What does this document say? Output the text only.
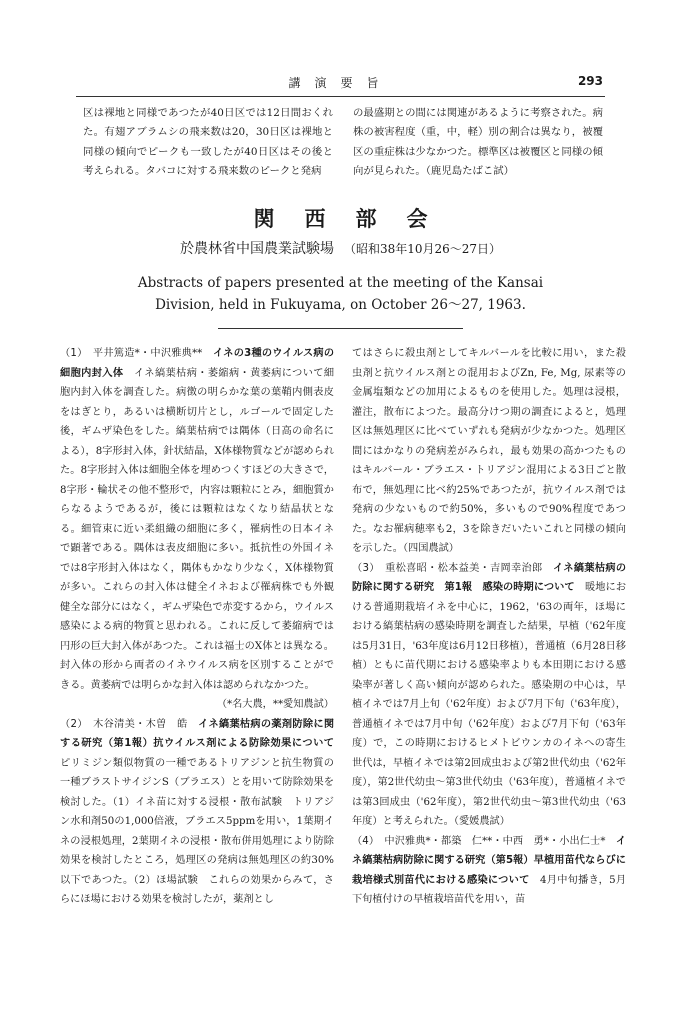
講演要旨	293

区は裸地と同様であつたが40日区では12日間おくれた。有翅アブラムシの飛来数は20，30日区は裸地と同様の傾向でピークも一致したが40日区はその後と考えられる。タバコに対する飛来数のピークと発病

の最盛期との間には関連があるように考察された。病株の被害程度（重，中，軽）別の割合は異なり，被覆区の重症株は少なかつた。標準区は被覆区と同様の傾向が見られた。（鹿児島たばこ試）

関西部会
於農林省中国農業試験場 （昭和38年10月26〜27日）
Abstracts of papers presented at the meeting of the Kansai
Division, held in Fukuyama, on October 26〜27, 1963.

（1）　 平井篤造*・中沢雅典**　 イネの3種のウイルス病の細胞内封入体　 イネ縞葉枯病・萎縮病・黄萎病について細胞内封入体を調査した。病徴の明らかな葉の葉鞘内側表皮をはぎとり，あるいは横断切片とし，ルゴールで固定した後，ギムザ染色をした。縞葉枯病では隅体（日高の命名による），8字形封入体，針状結晶，X体様物質などが認められた。8字形封入体は細胞全体を埋めつくすほどの大きさで，8字形・輪状その他不整形で，内容は顆粒にとみ，細胞質からなるようであるが，後には顆粒はなくなり結晶状となる。細管束に近い柔組織の細胞に多く，罹病性の日本イネで顕著である。隅体は表皮細胞に多い。抵抗性の外国イネでは8字形封入体はなく，隅体もかなり少なく，X体様物質が多い。これらの封入体は健全イネおよび罹病株でも外観健全な部分にはなく，ギムザ染色で赤変するから，ウイルス感染による病的物質と思われる。これに反して萎縮病では円形の巨大封入体があつた。これは福士のX体とは異なる。封入体の形から両者のイネウイルス病を区別することができる。黄萎病では明らかな封入体は認められなかつた。

（*名大農，**愛知農試）

（2）　 木谷清美・木曽　皓　 イネ縞葉枯病の薬剤防除に関する研究（第1報）抗ウイルス剤による防除効果について　ピリミジン類似物質の一種であるトリアジンと抗生物質の一種ブラストサイジンS（ブラエス）とを用いて防除効果を検討した。（1）イネ苗に対する浸根・散布試験　トリアジン水和剤50の1,000倍液，ブラエス5ppmを用い，1葉期イネの浸根処理，2葉期イネの浸根・散布併用処理により防除効果を検討したところ，処理区の発病は無処理区の約30%以下であつた。（2）ほ場試験　これらの効果からみて，さらにほ場における効果を検討したが，薬剤とし

てはさらに殺虫剤としてキルバールを比較に用い，また殺虫剤と抗ウイルス剤との混用およびZn, Fe, Mg, 尿素等の金属塩類などの加用によるものを使用した。処理は浸根，灌注，散布によつた。最高分けつ期の調査によると，処理区は無処理区に比べていずれも発病が少なかつた。処理区間にはかなりの発病差がみられ，最も効果の高かつたものはキルバール・ブラエス・トリアジン混用による3日ごと散布で，無処理に比べ約25%であつたが，抗ウイルス剤では発病の少ないもので約50%，多いもので90%程度であつた。なお罹病穂率も2，3を除きだいたいこれと同様の傾向を示した。（四国農試）

（3）　 重松喜昭・松本益美・吉岡幸治郎　 イネ縞葉枯病の防除に関する研究　第1報　感染の時期について　 暖地における普通期栽培イネを中心に，1962，'63の両年，ほ場における縞葉枯病の感染時期を調査した結果，早植（'62年度は5月31日，'63年度は6月12日移植），普通植（6月28日移植）ともに苗代期における感染率よりも本田期における感染率が著しく高い傾向が認められた。感染期の中心は，早植イネでは7月上旬（'62年度）および7月下旬（'63年度），普通植イネでは7月中旬（'62年度）および7月下旬（'63年度）で，この時期におけるヒメトビウンカのイネへの寄生世代は，早植イネでは第2回成虫および第2世代幼虫（'62年度），第2世代幼虫〜第3世代幼虫（'63年度），普通植イネでは第3回成虫（'62年度），第2世代幼虫〜第3世代幼虫（'63年度）と考えられた。（愛媛農試）

（4）　 中沢雅典*・都築　仁**・中西　勇*・小出仁士*　 イネ縞葉枯病防除に関する研究（第5報）早植用苗代ならびに栽培様式別苗代における感染について　 4月中旬播き，5月下旬植付けの早植栽培苗代を用い，苗
